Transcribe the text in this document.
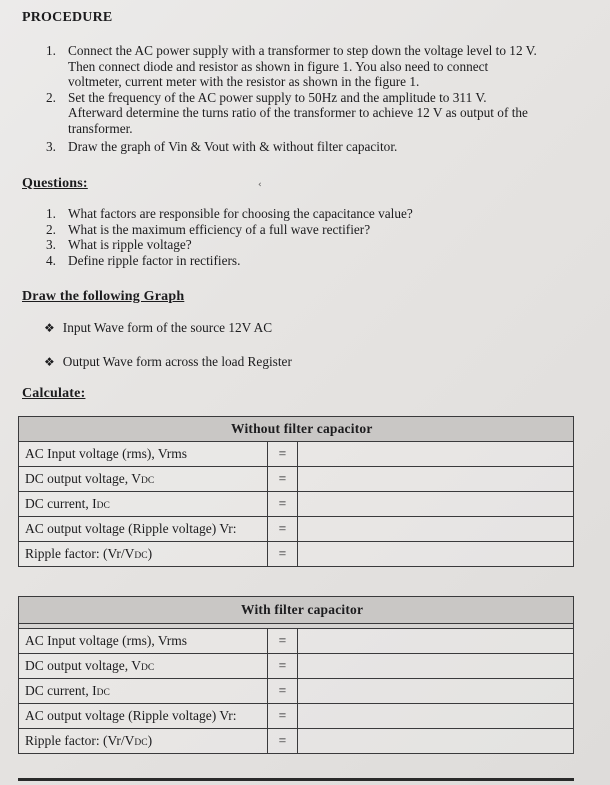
PROCEDURE
1. Connect the AC power supply with a transformer to step down the voltage level to 12 V.
Then connect diode and resistor as shown in figure 1. You also need to connect
voltmeter, current meter with the resistor as shown in the figure 1.
2. Set the frequency of the AC power supply to 50Hz and the amplitude to 311 V.
Afterward determine the turns ratio of the transformer to achieve 12 V as output of the
transformer.
3. Draw the graph of Vin & Vout with & without filter capacitor.
Questions:	‹
1. What factors are responsible for choosing the capacitance value?
2. What is the maximum efficiency of a full wave rectifier?
3. What is ripple voltage?
4. Define ripple factor in rectifiers.
Draw the following Graph
❖ Input Wave form of the source 12V AC
❖ Output Wave form across the load Register
Calculate:
Without filter capacitor		
AC Input voltage (rms), Vrms	=	
DC output voltage, VDC	=	
DC current, IDC	=	
AC output voltage (Ripple voltage) Vr:	=	
Ripple factor: (Vr/VDC)	=	
With filter capacitor		

AC Input voltage (rms), Vrms	=	
DC output voltage, VDC	=	
DC current, IDC	=	
AC output voltage (Ripple voltage) Vr:	=	
Ripple factor: (Vr/VDC)	=	
